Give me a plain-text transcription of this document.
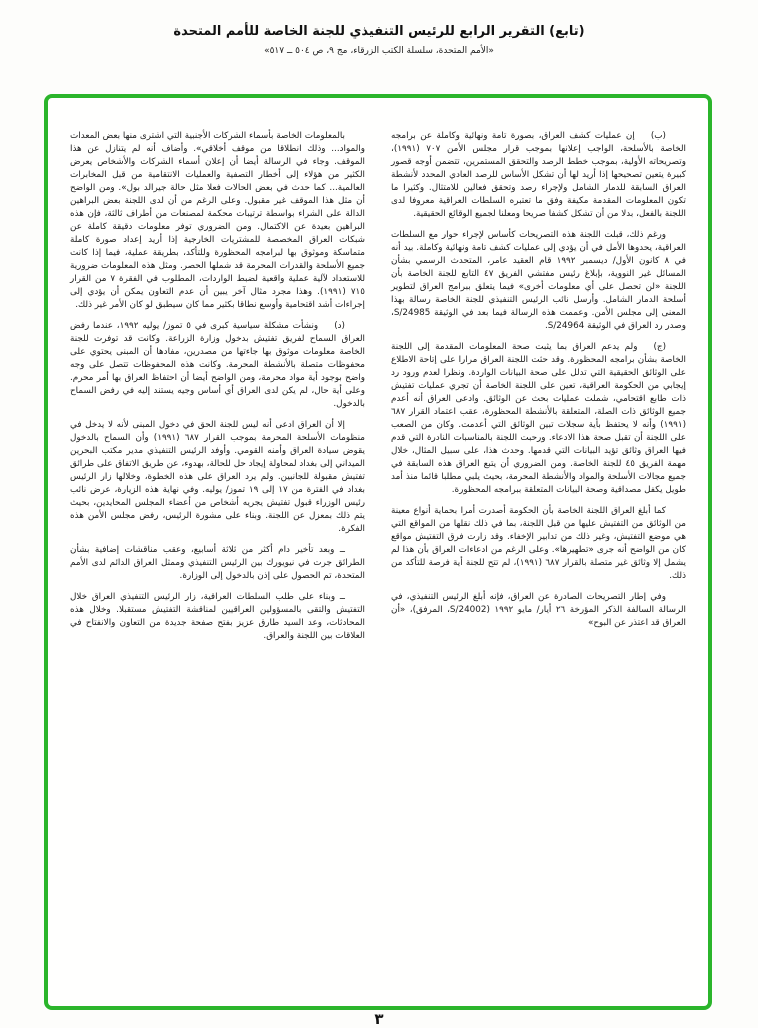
(تابع) التقرير الرابع للرئيس التنفيذي للجنة الخاصة للأمم المتحدة
«الأمم المتحدة، سلسلة الكتب الزرقاء، مج ٩، ص ٥٠٤ ــ ٥١٧»

(ب)إن عمليات كشف العراق، بصورة تامة ونهائية وكاملة عن برامجه الخاصة بالأسلحة، الواجب إعلانها بموجب قرار مجلس الأمن ٧٠٧ (١٩٩١)، وتصريحاته الأولية، بموجب خطط الرصد والتحقق المستمرين، تتضمن أوجه قصور كبيرة يتعين تصحيحها إذا أريد لها أن تشكل الأساس للرصد العادي المحدد لأنشطة العراق السابقة للدمار الشامل ولإجراء رصد وتحقق فعالين للامتثال. وكثيرا ما تكون المعلومات المقدمة مكيفة وفق ما تعتبره السلطات العراقية معروفا لدى اللجنة بالفعل، بدلا من أن تشكل كشفا صريحا ومعلنا لجميع الوقائع الحقيقية.

ورغم ذلك، قبلت اللجنة هذه التصريحات كأساس لإجراء حوار مع السلطات العراقية، يحدوها الأمل في أن يؤدي إلى عمليات كشف تامة ونهائية وكاملة. بيد أنه في ٨ كانون الأول/ ديسمبر ١٩٩٢ قام العقيد عامر، المتحدث الرسمي بشأن المسائل غير النووية، بإبلاغ رئيس مفتشي الفريق ٤٧ التابع للجنة الخاصة بأن اللجنة «لن تحصل على أي معلومات أخرى» فيما يتعلق ببرامج العراق لتطوير أسلحة الدمار الشامل. وأرسل نائب الرئيس التنفيذي للجنة الخاصة رسالة بهذا المعنى إلى مجلس الأمن. وعممت هذه الرسالة فيما بعد في الوثيقة S/24985، وصدر رد العراق في الوثيقة S/24964.

(ج)ولم يدعم العراق بما يثبت صحة المعلومات المقدمة إلى اللجنة الخاصة بشأن برامجه المحظورة. وقد حثت اللجنة العراق مرارا على إتاحة الاطلاع على الوثائق الحقيقية التي تدلل على صحة البيانات الواردة. ونظرا لعدم ورود رد إيجابي من الحكومة العراقية، تعين على اللجنة الخاصة أن تجري عمليات تفتيش ذات طابع اقتحامي، شملت عمليات بحث عن الوثائق. وادعى العراق أنه أعدم جميع الوثائق ذات الصلة، المتعلقة بالأنشطة المحظورة، عقب اعتماد القرار ٦٨٧ (١٩٩١) وأنه لا يحتفظ بأية سجلات تبين الوثائق التي أعدمت. وكان من الصعب على اللجنة أن تقبل صحة هذا الادعاء. ورحبت اللجنة بالمناسبات النادرة التي قدم فيها العراق وثائق تؤيد البيانات التي قدمها. وحدث هذا، على سبيل المثال، خلال مهمة الفريق ٤٥ للجنة الخاصة. ومن الضروري أن يتبع العراق هذه السابقة في جميع مجالات الأسلحة والمواد والأنشطة المحرمة، بحيث يلبي مطلبا قائما منذ أمد طويل يكفل مصداقية وصحة البيانات المتعلقة ببرامجه المحظورة.

كما أبلغ العراق اللجنة الخاصة بأن الحكومة أصدرت أمرا بحماية أنواع معينة من الوثائق من التفتيش عليها من قبل اللجنة، بما في ذلك نقلها من المواقع التي هي موضع التفتيش، وغير ذلك من تدابير الإخفاء. وقد زارت فرق التفتيش مواقع كان من الواضح أنه جرى «تطهيرها». وعلى الرغم من ادعاءات العراق بأن هذا لم يشمل إلا وثائق غير متصلة بالقرار ٦٨٧ (١٩٩١)، لم تتح للجنة أية فرصة للتأكد من ذلك.

وفي إطار التصريحات الصادرة عن العراق، فإنه أبلغ الرئيس التنفيذي، في الرسالة السالفة الذكر المؤرخة ٢٦ أيار/ مايو ١٩٩٢ (S/24002، المرفق)، «أن العراق قد اعتذر عن البوح»

بالمعلومات الخاصة بأسماء الشركات الأجنبية التي اشترى منها بعض المعدات والمواد... وذلك انطلاقا من موقف أخلاقي». وأضاف أنه لم يتنازل عن هذا الموقف. وجاء في الرسالة أيضا أن إعلان أسماء الشركات والأشخاص يعرض الكثير من هؤلاء إلى أخطار التصفية والعمليات الانتقامية من قبل المخابرات العالمية... كما حدث في بعض الحالات فعلا مثل حالة جيرالد بول». ومن الواضح أن مثل هذا الموقف غير مقبول. وعلى الرغم من أن لدى اللجنة بعض البراهين الدالة على الشراء بواسطة ترتيبات محكمة لمصنعات من أطراف ثالثة، فإن هذه البراهين بعيدة عن الاكتمال. ومن الضروري توفر معلومات دقيقة كاملة عن شبكات العراق المخصصة للمشتريات الخارجية إذا أريد إعداد صورة كاملة متماسكة وموثوق بها لبرامجه المحظورة وللتأكد، بطريقة عملية، فيما إذا كانت جميع الأسلحة والقدرات المحرمة قد شملها الحصر. ومثل هذه المعلومات ضرورية للاستعداد لآلية عملية واقعية لضبط الواردات، المطلوب في الفقرة ٧ من القرار ٧١٥ (١٩٩١). وهذا مجرد مثال آخر يبين أن عدم التعاون يمكن أن يؤدي إلى إجراءات أشد اقتحامية وأوسع نطاقا بكثير مما كان سيطبق لو كان الأمر غير ذلك.

(د)ونشأت مشكلة سياسية كبرى في ٥ تموز/ يوليه ١٩٩٢، عندما رفض العراق السماح لفريق تفتيش بدخول وزارة الزراعة. وكانت قد توفرت للجنة الخاصة معلومات موثوق بها جاءتها من مصدرين، مفادها أن المبنى يحتوي على محفوظات متصلة بالأنشطة المحرمة. وكانت هذه المحفوظات تتصل على وجه واضح بوجود أية مواد محرمة، ومن الواضح أيضا أن احتفاظ العراق بها أمر محرم. وعلى أية حال، لم يكن لدى العراق أي أساس وجيه يستند إليه في رفض السماح بالدخول.

إلا أن العراق ادعى أنه ليس للجنة الحق في دخول المبنى لأنه لا يدخل في منظومات الأسلحة المحرمة بموجب القرار ٦٨٧ (١٩٩١) وأن السماح بالدخول يقوض سيادة العراق وأمنه القومي. وأوفد الرئيس التنفيذي مدير مكتب البحرين الميداني إلى بغداد لمحاولة إيجاد حل للحالة، بهدوء، عن طريق الاتفاق على طرائق تفتيش مقبولة للجانبين. ولم يرد العراق على هذه الخطوة، وخلالها زار الرئيس بغداد في الفترة من ١٧ إلى ١٩ تموز/ يوليه. وفي نهاية هذه الزيارة، عرض نائب رئيس الوزراء قبول تفتيش يجريه أشخاص من أعضاء المجلس المحايدين، بحيث يتم ذلك بمعزل عن اللجنة. وبناء على مشورة الرئيس، رفض مجلس الأمن هذه الفكرة.

ــ وبعد تأخير دام أكثر من ثلاثة أسابيع، وعقب مناقشات إضافية بشأن الطرائق جرت في نيويورك بين الرئيس التنفيذي وممثل العراق الدائم لدى الأمم المتحدة، تم الحصول على إذن بالدخول إلى الوزارة.

ــ وبناء على طلب السلطات العراقية، زار الرئيس التنفيذي العراق خلال التفتيش والتقى بالمسؤولين العراقيين لمناقشة التفتيش مستقبلا. وخلال هذه المحادثات، وعد السيد طارق عزيز بفتح صفحة جديدة من التعاون والانفتاح في العلاقات بين اللجنة والعراق.

٣
